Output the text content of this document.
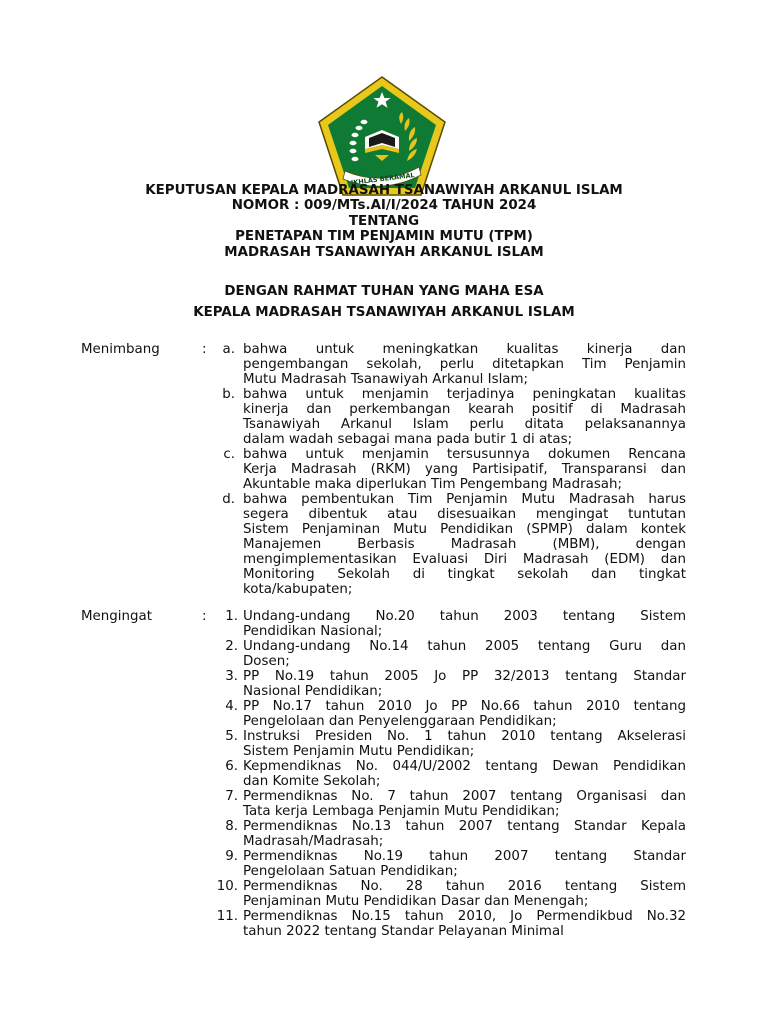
IKHLAS BERAMAL
KEPUTUSAN KEPALA MADRASAH TSANAWIYAH ARKANUL ISLAM
NOMOR : 009/MTs.AI/I/2024 TAHUN 2024
TENTANG
PENETAPAN TIM PENJAMIN MUTU (TPM)
MADRASAH TSANAWIYAH ARKANUL ISLAM
DENGAN RAHMAT TUHAN YANG MAHA ESA
KEPALA MADRASAH TSANAWIYAH ARKANUL ISLAM
Menimbang	:	a. bahwa untuk meningkatkan kualitas kinerja dan
pengembangan sekolah, perlu ditetapkan Tim Penjamin
Mutu Madrasah Tsanawiyah Arkanul Islam;
b. bahwa untuk menjamin terjadinya peningkatan kualitas
kinerja dan perkembangan kearah positif di Madrasah
Tsanawiyah Arkanul Islam perlu ditata pelaksanannya
dalam wadah sebagai mana pada butir 1 di atas;
c. bahwa untuk menjamin tersusunnya dokumen Rencana
Kerja Madrasah (RKM) yang Partisipatif, Transparansi dan
Akuntable maka diperlukan Tim Pengembang Madrasah;
d. bahwa pembentukan Tim Penjamin Mutu Madrasah harus
segera dibentuk atau disesuaikan mengingat tuntutan
Sistem Penjaminan Mutu Pendidikan (SPMP) dalam kontek
Manajemen Berbasis Madrasah (MBM), dengan
mengimplementasikan Evaluasi Diri Madrasah (EDM) dan
Monitoring Sekolah di tingkat sekolah dan tingkat
kota/kabupaten;
Mengingat	:	1. Undang-undang No.20 tahun 2003 tentang Sistem
Pendidikan Nasional;
2. Undang-undang No.14 tahun 2005 tentang Guru dan
Dosen;
3. PP No.19 tahun 2005 Jo PP 32/2013 tentang Standar
Nasional Pendidikan;
4. PP No.17 tahun 2010 Jo PP No.66 tahun 2010 tentang
Pengelolaan dan Penyelenggaraan Pendidikan;
5. Instruksi Presiden No. 1 tahun 2010 tentang Akselerasi
Sistem Penjamin Mutu Pendidikan;
6. Kepmendiknas No. 044/U/2002 tentang Dewan Pendidikan
dan Komite Sekolah;
7. Permendiknas No. 7 tahun 2007 tentang Organisasi dan
Tata kerja Lembaga Penjamin Mutu Pendidikan;
8. Permendiknas No.13 tahun 2007 tentang Standar Kepala
Madrasah/Madrasah;
9. Permendiknas No.19 tahun 2007 tentang Standar
Pengelolaan Satuan Pendidikan;
10. Permendiknas No. 28 tahun 2016 tentang Sistem
Penjaminan Mutu Pendidikan Dasar dan Menengah;
11. Permendiknas No.15 tahun 2010, Jo Permendikbud No.32
tahun 2022 tentang Standar Pelayanan Minimal
